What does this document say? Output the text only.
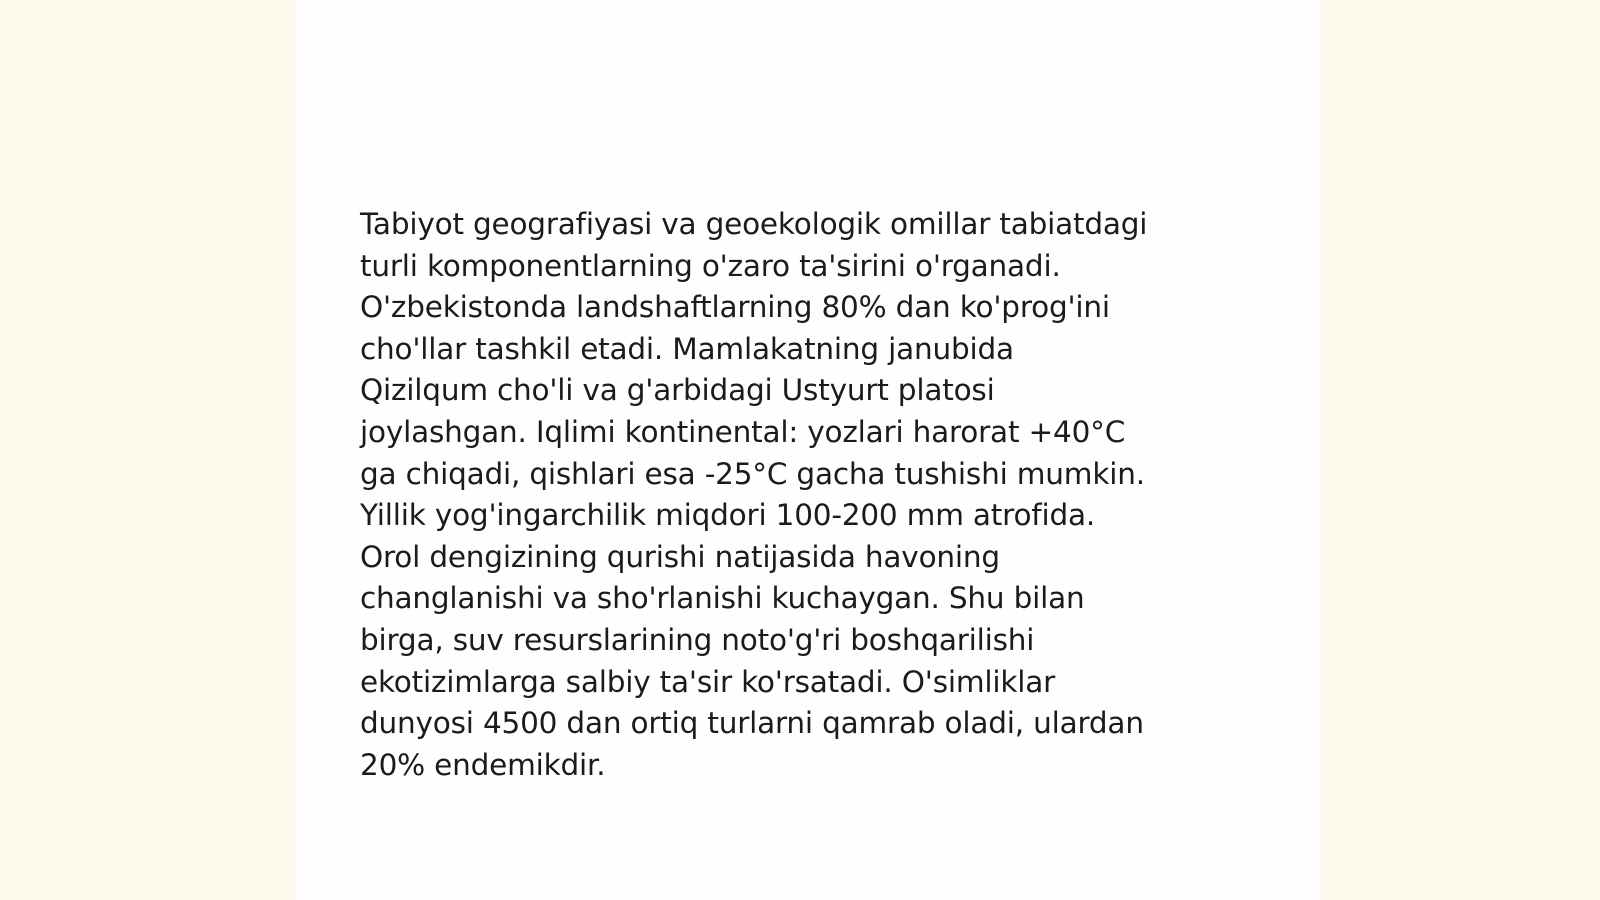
Tabiyot geografiyasi va geoekologik omillar tabiatdagi
turli komponentlarning o'zaro ta'sirini o'rganadi.
O'zbekistonda landshaftlarning 80% dan ko'prog'ini
cho'llar tashkil etadi. Mamlakatning janubida
Qizilqum cho'li va g'arbidagi Ustyurt platosi
joylashgan. Iqlimi kontinental: yozlari harorat +40°C
ga chiqadi, qishlari esa -25°C gacha tushishi mumkin.
Yillik yog'ingarchilik miqdori 100-200 mm atrofida.
Orol dengizining qurishi natijasida havoning
changlanishi va sho'rlanishi kuchaygan. Shu bilan
birga, suv resurslarining noto'g'ri boshqarilishi
ekotizimlarga salbiy ta'sir ko'rsatadi. O'simliklar
dunyosi 4500 dan ortiq turlarni qamrab oladi, ulardan
20% endemikdir.
